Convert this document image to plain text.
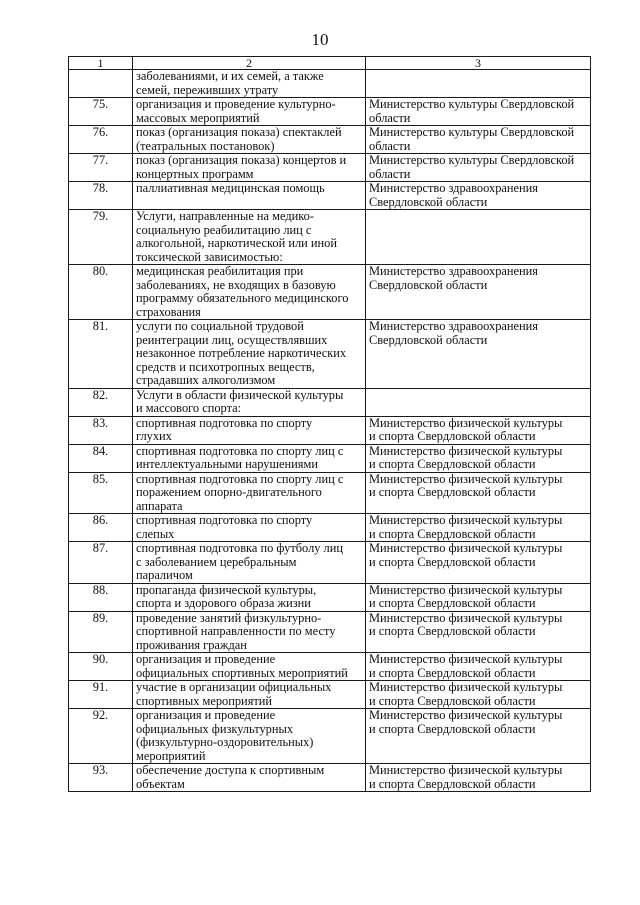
10
1	2	3
	заболеваниями, и их семей, а также
семей, переживших утрату	
75.	организация и проведение культурно-
массовых мероприятий	Министерство культуры Свердловской
области
76.	показ (организация показа) спектаклей
(театральных постановок)	Министерство культуры Свердловской
области
77.	показ (организация показа) концертов и
концертных программ	Министерство культуры Свердловской
области
78.	паллиативная медицинская помощь	Министерство здравоохранения
Свердловской области
79.	Услуги, направленные на медико-
социальную реабилитацию лиц с
алкогольной, наркотической или иной
токсической зависимостью:	
80.	медицинская реабилитация при
заболеваниях, не входящих в базовую
программу обязательного медицинского
страхования	Министерство здравоохранения
Свердловской области
81.	услуги по социальной трудовой
реинтеграции лиц, осуществлявших
незаконное потребление наркотических
средств и психотропных веществ,
страдавших алкоголизмом	Министерство здравоохранения
Свердловской области
82.	Услуги в области физической культуры
и массового спорта:	
83.	спортивная подготовка по спорту
глухих	Министерство физической культуры
и спорта Свердловской области
84.	спортивная подготовка по спорту лиц с
интеллектуальными нарушениями	Министерство физической культуры
и спорта Свердловской области
85.	спортивная подготовка по спорту лиц с
поражением опорно-двигательного
аппарата	Министерство физической культуры
и спорта Свердловской области
86.	спортивная подготовка по спорту
слепых	Министерство физической культуры
и спорта Свердловской области
87.	спортивная подготовка по футболу лиц
с заболеванием церебральным
параличом	Министерство физической культуры
и спорта Свердловской области
88.	пропаганда физической культуры,
спорта и здорового образа жизни	Министерство физической культуры
и спорта Свердловской области
89.	проведение занятий физкультурно-
спортивной направленности по месту
проживания граждан	Министерство физической культуры
и спорта Свердловской области
90.	организация и проведение
официальных спортивных мероприятий	Министерство физической культуры
и спорта Свердловской области
91.	участие в организации официальных
спортивных мероприятий	Министерство физической культуры
и спорта Свердловской области
92.	организация и проведение
официальных физкультурных
(физкультурно-оздоровительных)
мероприятий	Министерство физической культуры
и спорта Свердловской области
93.	обеспечение доступа к спортивным
объектам	Министерство физической культуры
и спорта Свердловской области
